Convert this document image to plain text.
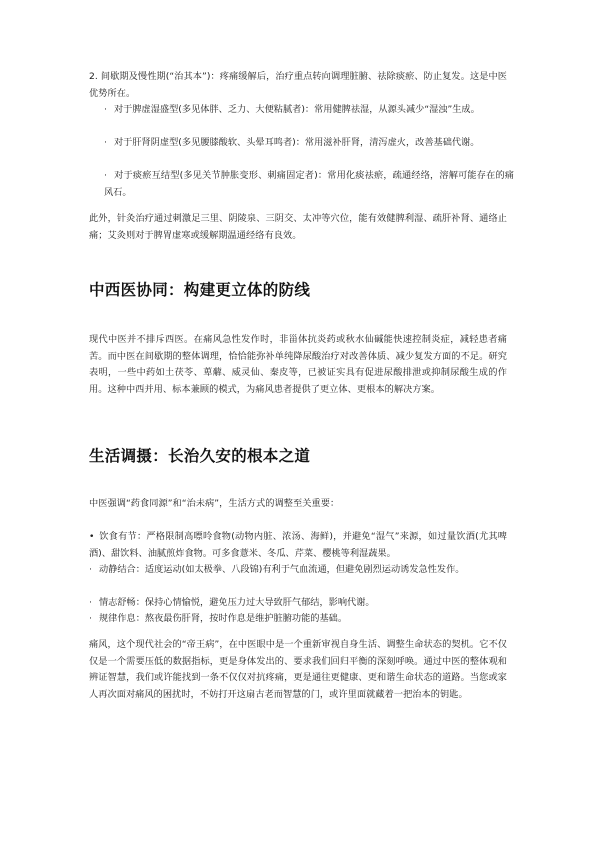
2. 间歇期及慢性期(“治其本”)：疼痛缓解后，治疗重点转向调理脏腑、祛除痰瘀、防止复发。这是中医优势所在。

· 对于脾虚湿盛型(多见体胖、乏力、大便粘腻者)：常用健脾祛湿，从源头减少“湿浊”生成。

· 对于肝肾阴虚型(多见腰膝酸软、头晕耳鸣者)：常用滋补肝肾，清泻虚火，改善基础代谢。

· 对于痰瘀互结型(多见关节肿胀变形、刺痛固定者)：常用化痰祛瘀，疏通经络，溶解可能存在的痛风石。

此外，针灸治疗通过刺激足三里、阴陵泉、三阴交、太冲等穴位，能有效健脾利湿、疏肝补肾、通络止痛；艾灸则对于脾胃虚寒或缓解期温通经络有良效。

中西医协同：构建更立体的防线

现代中医并不排斥西医。在痛风急性发作时，非甾体抗炎药或秋水仙碱能快速控制炎症，减轻患者痛苦。而中医在间歇期的整体调理，恰恰能弥补单纯降尿酸治疗对改善体质、减少复发方面的不足。研究表明，一些中药如土茯苓、萆薢、威灵仙、秦皮等，已被证实具有促进尿酸排泄或抑制尿酸生成的作用。这种中西并用、标本兼顾的模式，为痛风患者提供了更立体、更根本的解决方案。

生活调摄：长治久安的根本之道

中医强调“药食同源”和“治未病”，生活方式的调整至关重要：

• 饮食有节：严格限制高嘌呤食物(动物内脏、浓汤、海鲜)，并避免“湿气”来源，如过量饮酒(尤其啤酒)、甜饮料、油腻煎炸食物。可多食薏米、冬瓜、芹菜、樱桃等利湿蔬果。

· 动静结合：适度运动(如太极拳、八段锦)有利于气血流通，但避免剧烈运动诱发急性发作。

· 情志舒畅：保持心情愉悦，避免压力过大导致肝气郁结，影响代谢。

· 规律作息：熬夜最伤肝肾，按时作息是维护脏腑功能的基础。

痛风，这个现代社会的“帝王病”，在中医眼中是一个重新审视自身生活、调整生命状态的契机。它不仅仅是一个需要压低的数据指标，更是身体发出的、要求我们回归平衡的深刻呼唤。通过中医的整体观和辨证智慧，我们或许能找到一条不仅仅对抗疼痛，更是通往更健康、更和谐生命状态的道路。当您或家人再次面对痛风的困扰时，不妨打开这扇古老而智慧的门，或许里面就藏着一把治本的钥匙。
